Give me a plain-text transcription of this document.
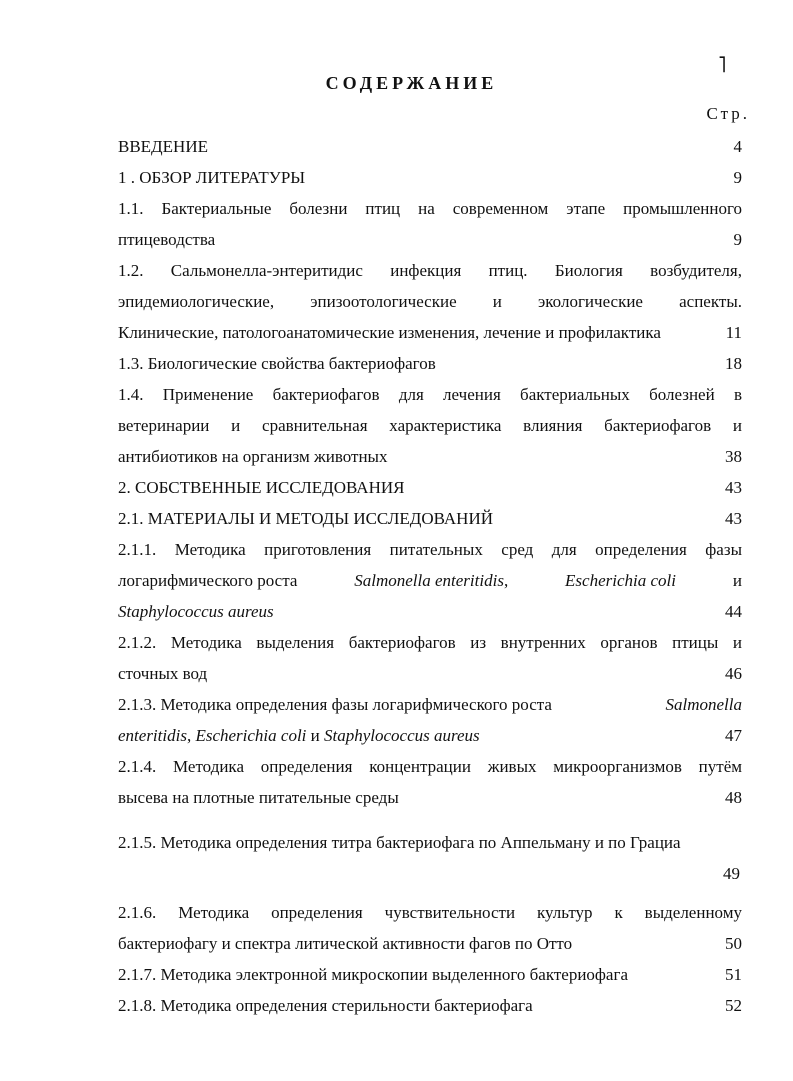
˥
СОДЕРЖАНИЕ
Стр.
ВВЕДЕНИЕ	4
1 . ОБЗОР ЛИТЕРАТУРЫ	9
1.1. Бактериальные болезни птиц на современном этапе промышленного
птицеводства	9
1.2. Сальмонелла-энтеритидис инфекция птиц. Биология возбудителя,
эпидемиологические, эпизоотологические и экологические аспекты.
Клинические, патологоанатомические изменения, лечение и профилактика	11
1.3. Биологические свойства бактериофагов	18
1.4. Применение бактериофагов для лечения бактериальных болезней в
ветеринарии и сравнительная характеристика влияния бактериофагов и
антибиотиков на организм животных	38
2. СОБСТВЕННЫЕ ИССЛЕДОВАНИЯ	43
2.1. МАТЕРИАЛЫ И МЕТОДЫ ИССЛЕДОВАНИЙ	43
2.1.1. Методика приготовления питательных сред для определения фазы
логарифмического роста	Salmonella enteritidis,	Escherichia coli	и
Staphylococcus aureus	44
2.1.2. Методика выделения бактериофагов из внутренних органов птицы и
сточных вод	46
2.1.3. Методика определения фазы логарифмического роста	Salmonella
enteritidis, Escherichia coli и Staphylococcus aureus	47
2.1.4. Методика определения концентрации живых микроорганизмов путём
высева на плотные питательные среды	48
2.1.5. Методика определения титра бактериофага по Аппельману и по Грациа
49
2.1.6. Методика определения чувствительности культур к выделенному
бактериофагу и спектра литической активности фагов по Отто	50
2.1.7. Методика электронной микроскопии выделенного бактериофага	51
2.1.8. Методика определения стерильности бактериофага	52
